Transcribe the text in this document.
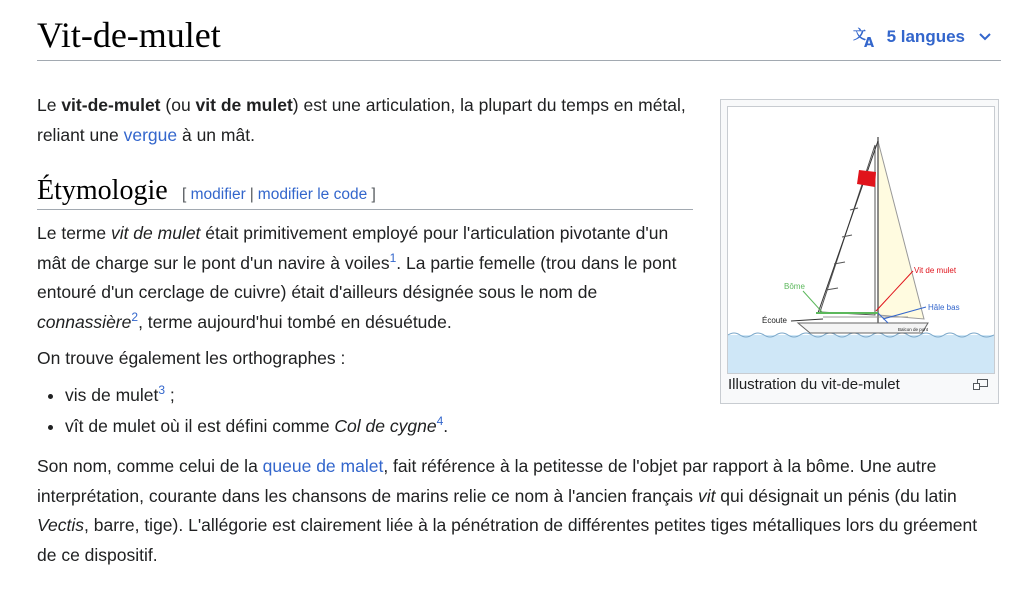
Vit-de-mulet	文
A 5 langues

Le vit-de-mulet (ou vit de mulet) est une articulation, la plupart du temps en métal, reliant une vergue à un mât.

Étymologie [ modifier | modifier le code ]

Le terme vit de mulet était primitivement employé pour l'articulation pivotante d'un mât de charge sur le pont d'un navire à voiles$^1$. La partie femelle (trou dans le pont entouré d'un cerclage de cuivre) était d'ailleurs désignée sous le nom de connassière$^2$, terme aujourd'hui tombé en désuétude.

On trouve également les orthographes :

• vis de mulet$^3$ ;
• vît de mulet où il est défini comme Col de cygne$^4$.

Son nom, comme celui de la queue de malet, fait référence à la petitesse de l'objet par rapport à la bôme. Une autre interprétation, courante dans les chansons de marins relie ce nom à l'ancien français vit qui désignait un pénis (du latin Vectis, barre, tige). L'allégorie est clairement liée à la pénétration de différentes petites tiges métalliques lors du gréement de ce dispositif.

Vit de mulet
Bôme
Hâle bas
Écoute
Balcon de pont
Illustration du vit-de-mulet
